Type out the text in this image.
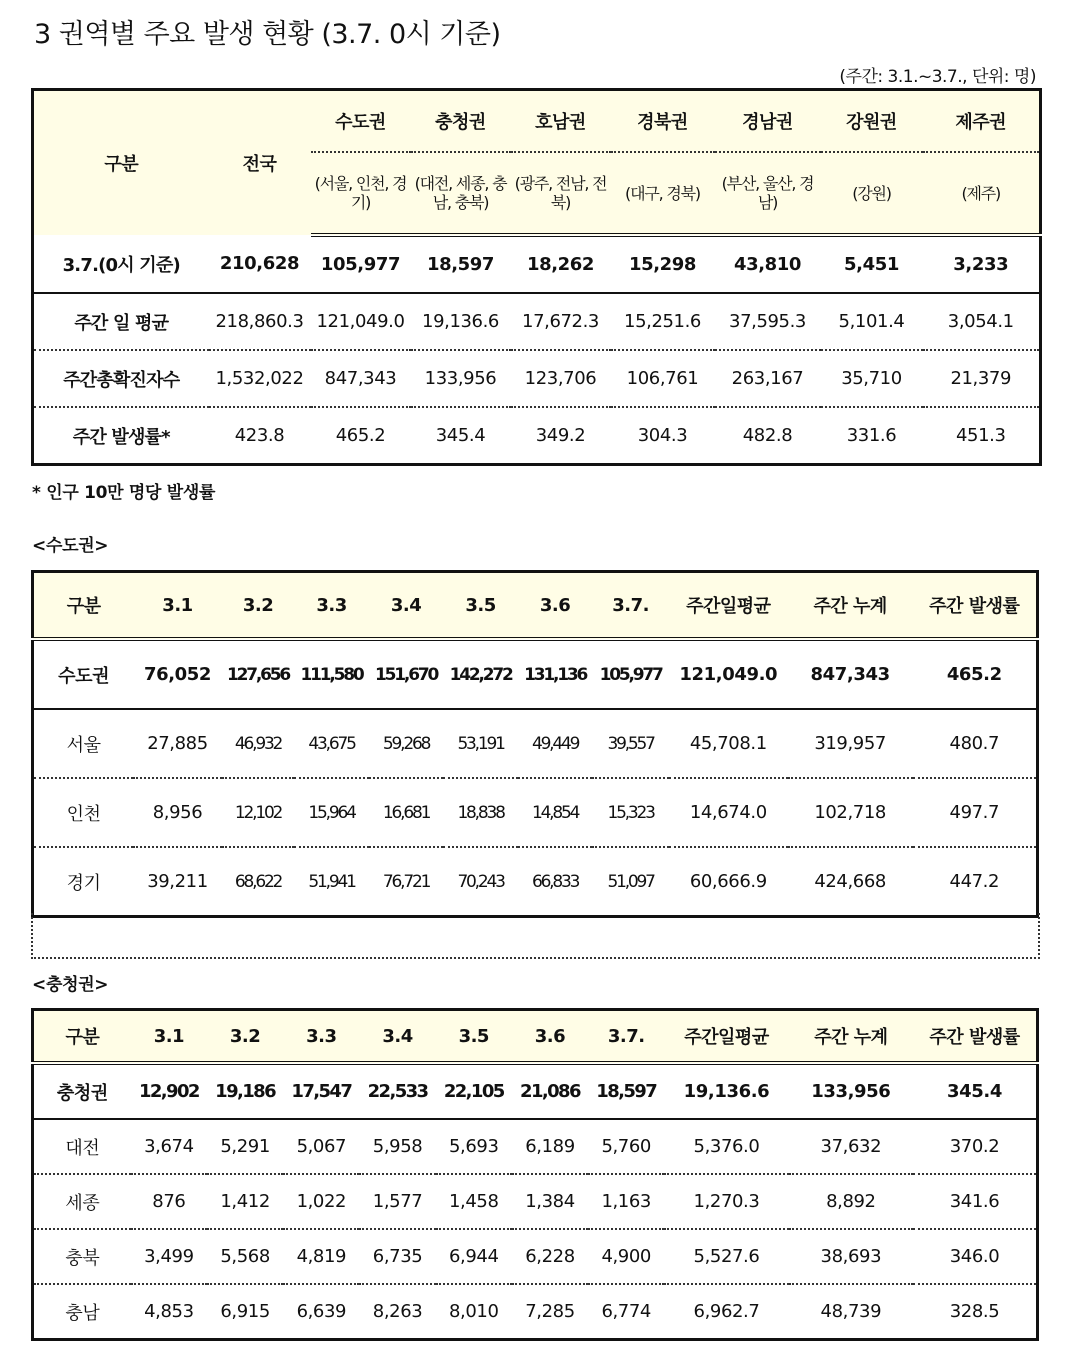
3 권역별 주요 발생 현황 (3.7. 0시 기준)
(주간: 3.1.~3.7., 단위: 명)
구분	전국	수도권	충청권	호남권	경북권	경남권	강원권	제주권
		(서울, 인천, 경기)	(대전, 세종, 충남, 충북)	(광주, 전남, 전북)	(대구, 경북)	(부산, 울산, 경남)	(강원)	(제주)
3.7.(0시 기준)	210,628	105,977	18,597	18,262	15,298	43,810	5,451	3,233
주간 일 평균	218,860.3	121,049.0	19,136.6	17,672.3	15,251.6	37,595.3	5,101.4	3,054.1
주간총확진자수	1,532,022	847,343	133,956	123,706	106,761	263,167	35,710	21,379
주간 발생률*	423.8	465.2	345.4	349.2	304.3	482.8	331.6	451.3
* 인구 10만 명당 발생률
<수도권>
구분	3.1	3.2	3.3	3.4	3.5	3.6	3.7.	주간일평균	주간 누계	주간 발생률
수도권	76,052	127,656	111,580	151,670	142,272	131,136	105,977	121,049.0	847,343	465.2
서울	27,885	46,932	43,675	59,268	53,191	49,449	39,557	45,708.1	319,957	480.7
인천	8,956	12,102	15,964	16,681	18,838	14,854	15,323	14,674.0	102,718	497.7
경기	39,211	68,622	51,941	76,721	70,243	66,833	51,097	60,666.9	424,668	447.2
<충청권>
구분	3.1	3.2	3.3	3.4	3.5	3.6	3.7.	주간일평균	주간 누계	주간 발생률
충청권	12,902	19,186	17,547	22,533	22,105	21,086	18,597	19,136.6	133,956	345.4
대전	3,674	5,291	5,067	5,958	5,693	6,189	5,760	5,376.0	37,632	370.2
세종	876	1,412	1,022	1,577	1,458	1,384	1,163	1,270.3	8,892	341.6
충북	3,499	5,568	4,819	6,735	6,944	6,228	4,900	5,527.6	38,693	346.0
충남	4,853	6,915	6,639	8,263	8,010	7,285	6,774	6,962.7	48,739	328.5
